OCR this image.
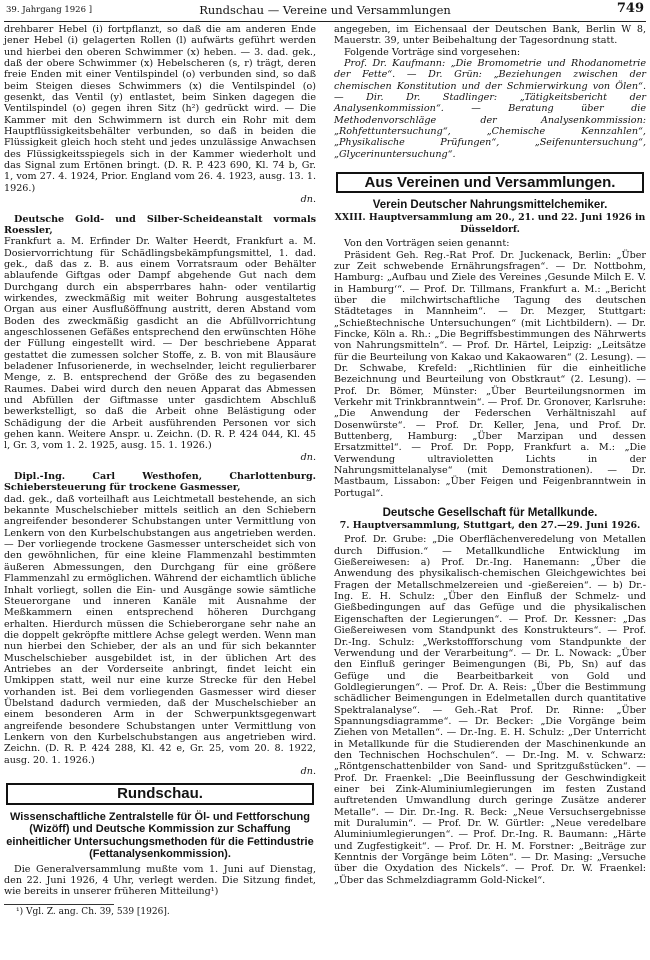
39. Jahrgang 1926 ]	Rundschau — Vereine und Versammlungen	749

drehbarer Hebel (i) fortpflanzt, so daß die am anderen Ende jener Hebel (i) gelagerten Rollen (l) aufwärts geführt werden und hierbei den oberen Schwimmer (x) heben. — 3. dad. gek., daß der obere Schwimmer (x) Hebelscheren (s, r) trägt, deren freie Enden mit einer Ventilspindel (o) verbunden sind, so daß beim Steigen dieses Schwimmers (x) die Ventilspindel (o) gesenkt, das Ventil (y) entlastet, beim Sinken dagegen die Ventilspindel (o) gegen ihren Sitz (h²) gedrückt wird. — Die Kammer mit den Schwimmern ist durch ein Rohr mit dem Hauptflüssigkeitsbehälter verbunden, so daß in beiden die Flüssigkeit gleich hoch steht und jedes unzulässige Anwachsen des Flüssigkeitsspiegels sich in der Kammer wiederholt und das Signal zum Ertönen bringt. (D. R. P. 423 690, Kl. 74 b, Gr. 1, vom 27. 4. 1924, Prior. England vom 26. 4. 1923, ausg. 13. 1. 1926.)

dn.

Deutsche Gold- und Silber-Scheideanstalt vormals Roessler,

Frankfurt a. M. Erfinder Dr. Walter Heerdt, Frankfurt a. M. Dosiervorrichtung für Schädlingsbekämpfungsmittel, 1. dad. gek., daß das z. B. aus einem Vorratsraum oder Behälter ablaufende Giftgas oder Dampf abgehende Gut nach dem Durchgang durch ein absperrbares hahn- oder ventilartig wirkendes, zweckmäßig mit weiter Bohrung ausgestaltetes Organ aus einer Ausflußöffnung austritt, deren Abstand vom Boden des zweckmäßig gasdicht an die Abfüllvorrichtung angeschlossenen Gefäßes entsprechend den erwünschten Höhe der Füllung eingestellt wird. — Der beschriebene Apparat gestattet die zumessen solcher Stoffe, z. B. von mit Blausäure beladener Infusorienerde, in wechselnder, leicht regulierbarer Menge, z. B. entsprechend der Größe des zu begasenden Raumes. Dabei wird durch den neuen Apparat das Abmessen und Abfüllen der Giftmasse unter gasdichtem Abschluß bewerkstelligt, so daß die Arbeit ohne Belästigung oder Schädigung der die Arbeit ausführenden Personen vor sich gehen kann. Weitere Anspr. u. Zeichn. (D. R. P. 424 044, Kl. 45 l, Gr. 3, vom 1. 2. 1925, ausg. 15. 1. 1926.)

dn.

Dipl.-Ing. Carl Westhofen, Charlottenburg. Schiebersteuerung für trockene Gasmesser,

dad. gek., daß vorteilhaft aus Leichtmetall bestehende, an sich bekannte Muschelschieber mittels seitlich an den Schiebern angreifender besonderer Schubstangen unter Vermittlung von Lenkern von den Kurbelschubstangen aus angetrieben werden. — Der vorliegende trockene Gasmesser unterscheidet sich von den gewöhnlichen, für eine kleine Flammenzahl bestimmten äußeren Abmessungen, den Durchgang für eine größere Flammenzahl zu ermöglichen. Während der eichamtlich übliche Inhalt vorliegt, sollen die Ein- und Ausgänge sowie sämtliche Steuerorgane und inneren Kanäle mit Ausnahme der Meßkammern einen entsprechend höheren Durchgang erhalten. Hierdurch müssen die Schieberorgane sehr nahe an die doppelt gekröpfte mittlere Achse gelegt werden. Wenn man nun hierbei den Schieber, der als an und für sich bekannter Muschelschieber ausgebildet ist, in der üblichen Art des Antriebes an der Vorderseite anbringt, findet leicht ein Umkippen statt, weil nur eine kurze Strecke für den Hebel vorhanden ist. Bei dem vorliegenden Gasmesser wird dieser Übelstand dadurch vermieden, daß der Muschelschieber an einem besonderen Arm in der Schwerpunktsgegenwart angreifende besondere Schubstangen unter Vermittlung von Lenkern von den Kurbelschubstangen aus angetrieben wird. Zeichn. (D. R. P. 424 288, Kl. 42 e, Gr. 25, vom 20. 8. 1922, ausg. 20. 1. 1926.)

dn.
Rundschau.
Wissenschaftliche Zentralstelle für Öl- und Fettforschung (Wizöff) und Deutsche Kommission zur Schaffung einheitlicher Untersuchungsmethoden für die Fettindustrie (Fettanalysenkommission).

Die Generalversammlung mußte vom 1. Juni auf Dienstag, den 22. Juni 1926, 4 Uhr, verlegt werden. Die Sitzung findet, wie bereits in unserer früheren Mitteilung¹)

¹) Vgl. Z. ang. Ch. 39, 539 [1926].

angegeben, im Eichensaal der Deutschen Bank, Berlin W 8, Mauerstr. 39, unter Beibehaltung der Tagesordnung statt.

Folgende Vorträge sind vorgesehen:

Prof. Dr. Kaufmann: „Die Bromometrie und Rhodanometrie der Fette“. — Dr. Grün: „Beziehungen zwischen der chemischen Konstitution und der Schmierwirkung von Ölen“. — Dir. Dr. Stadlinger: „Tätigkeitsbericht der Analysenkommission“. — Beratung über die Methodenvorschläge der Analysenkommission: „Rohfettuntersuchung“, „Chemische Kennzahlen“, „Physikalische Prüfungen“, „Seifenuntersuchung“, „Glycerinuntersuchung“.

Aus Vereinen und Versammlungen.
Verein Deutscher Nahrungsmittelchemiker.
XXIII. Hauptversammlung am 20., 21. und 22. Juni 1926 in Düsseldorf.

Von den Vorträgen seien genannt:

Präsident Geh. Reg.-Rat Prof. Dr. Juckenack, Berlin: „Über zur Zeit schwebende Ernährungsfragen“. — Dr. Nottbohm, Hamburg: „Aufbau und Ziele des Vereines ‚Gesunde Milch E. V. in Hamburg‘“. — Prof. Dr. Tillmans, Frankfurt a. M.: „Bericht über die milchwirtschaftliche Tagung des deutschen Städtetages in Mannheim“. — Dr. Mezger, Stuttgart: „Schießtechnische Untersuchungen“ (mit Lichtbildern). — Dr. Fincke, Köln a. Rh.: „Die Begriffsbestimmungen des Nährwerts von Nahrungsmitteln“. — Prof. Dr. Härtel, Leipzig: „Leitsätze für die Beurteilung von Kakao und Kakaowaren“ (2. Lesung). — Dr. Schwabe, Krefeld: „Richtlinien für die einheitliche Bezeichnung und Beurteilung von Obstkraut“ (2. Lesung). — Prof. Dr. Bömer, Münster: „Über Beurteilungsnormen im Verkehr mit Trinkbranntwein“. — Prof. Dr. Gronover, Karlsruhe: „Die Anwendung der Federschen Verhältniszahl auf Dosenwürste“. — Prof. Dr. Keller, Jena, und Prof. Dr. Buttenberg, Hamburg: „Über Marzipan und dessen Ersatzmittel“. — Prof. Dr. Popp, Frankfurt a. M.: „Die Verwendung ultravioletten Lichts in der Nahrungsmittelanalyse“ (mit Demonstrationen). — Dr. Mastbaum, Lissabon: „Über Feigen und Feigenbranntwein in Portugal“.

Deutsche Gesellschaft für Metallkunde.
7. Hauptversammlung, Stuttgart, den 27.—29. Juni 1926.

Prof. Dr. Grube: „Die Oberflächenveredelung von Metallen durch Diffusion.“ — Metallkundliche Entwicklung im Gießereiwesen: a) Prof. Dr.-Ing. Hanemann: „Über die Anwendung des physikalisch-chemischen Gleichgewichtes bei Fragen der Metallschmelzereien und -gießereien“. — b) Dr.-Ing. E. H. Schulz: „Über den Einfluß der Schmelz- und Gießbedingungen auf das Gefüge und die physikalischen Eigenschaften der Legierungen“. — Prof. Dr. Kessner: „Das Gießereiwesen vom Standpunkt des Konstrukteurs“. — Prof. Dr.-Ing. Schulz: „Werkstoffforschung vom Standpunkte der Verwendung und der Verarbeitung“. — Dr. L. Nowack: „Über den Einfluß geringer Beimengungen (Bi, Pb, Sn) auf das Gefüge und die Bearbeitbarkeit von Gold und Goldlegierungen“. — Prof. Dr. A. Reis: „Über die Bestimmung schädlicher Beimengungen in Edelmetallen durch quantitative Spektralanalyse“. — Geh.-Rat Prof. Dr. Rinne: „Über Spannungsdiagramme“. — Dr. Becker: „Die Vorgänge beim Ziehen von Metallen“. — Dr.-Ing. E. H. Schulz: „Der Unterricht in Metallkunde für die Studierenden der Maschinenkunde an den Technischen Hochschulen“. — Dr.-Ing. M. v. Schwarz: „Röntgenschattenbilder von Sand- und Spritzgußstücken“. — Prof. Dr. Fraenkel: „Die Beeinflussung der Geschwindigkeit einer bei Zink-Aluminiumlegierungen im festen Zustand auftretenden Umwandlung durch geringe Zusätze anderer Metalle“. — Dir. Dr.-Ing. R. Beck: „Neue Versuchsergebnisse mit Duralumin“. — Prof. Dr. W. Gürtler: „Neue veredelbare Aluminiumlegierungen“. — Prof. Dr.-Ing. R. Baumann: „Härte und Zugfestigkeit“. — Prof. Dr. H. M. Forstner: „Beiträge zur Kenntnis der Vorgänge beim Löten“. — Dr. Masing: „Versuche über die Oxydation des Nickels“. — Prof. Dr. W. Fraenkel: „Über das Schmelzdiagramm Gold-Nickel“.
